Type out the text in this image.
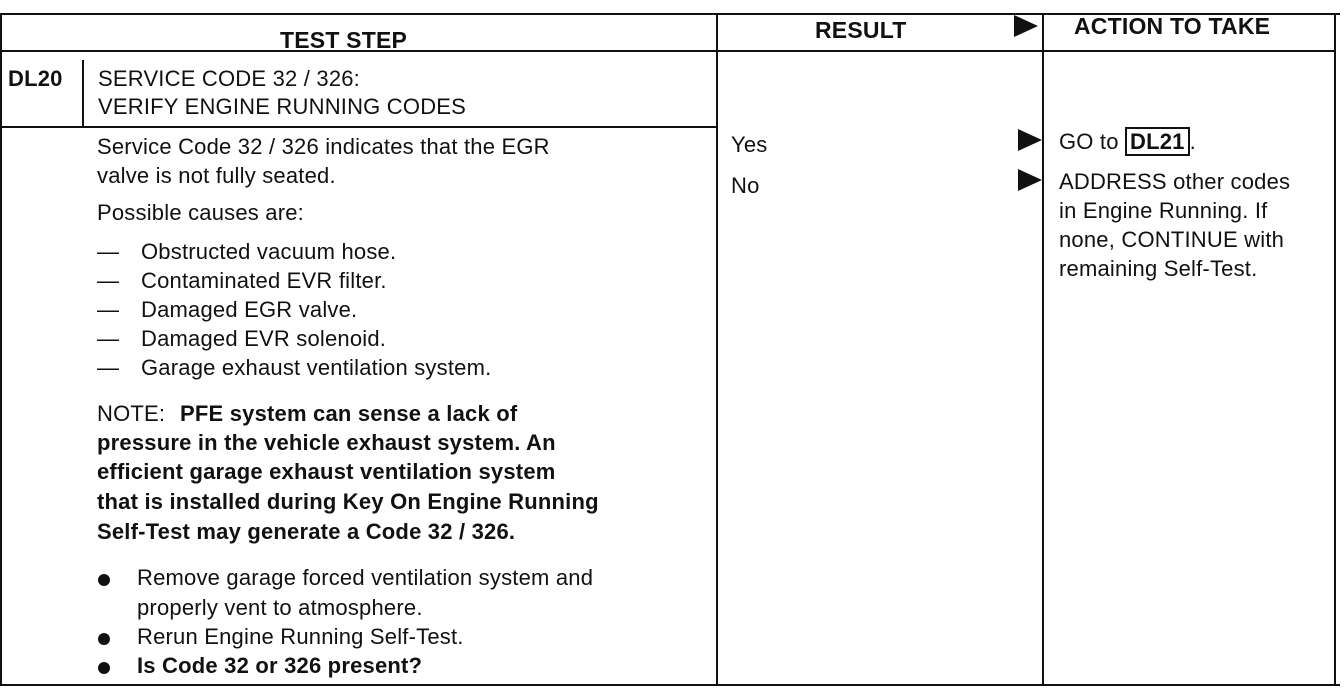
TEST STEP	RESULT	ACTION TO TAKE
DL20 SERVICE CODE 32 / 326:
VERIFY ENGINE RUNNING CODES
Service Code 32 / 326 indicates that the EGR
valve is not fully seated.
Possible causes are:
— Obstructed vacuum hose.
— Contaminated EVR filter.
— Damaged EGR valve.
— Damaged EVR solenoid.
— Garage exhaust ventilation system.
NOTE: PFE system can sense a lack of
pressure in the vehicle exhaust system. An
efficient garage exhaust ventilation system
that is installed during Key On Engine Running
Self-Test may generate a Code 32 / 326.
Remove garage forced ventilation system and
properly vent to atmosphere.
Rerun Engine Running Self-Test.
Is Code 32 or 326 present?
Yes
No
GO to DL21 .
ADDRESS other codes
in Engine Running. If
none, CONTINUE with
remaining Self-Test.
